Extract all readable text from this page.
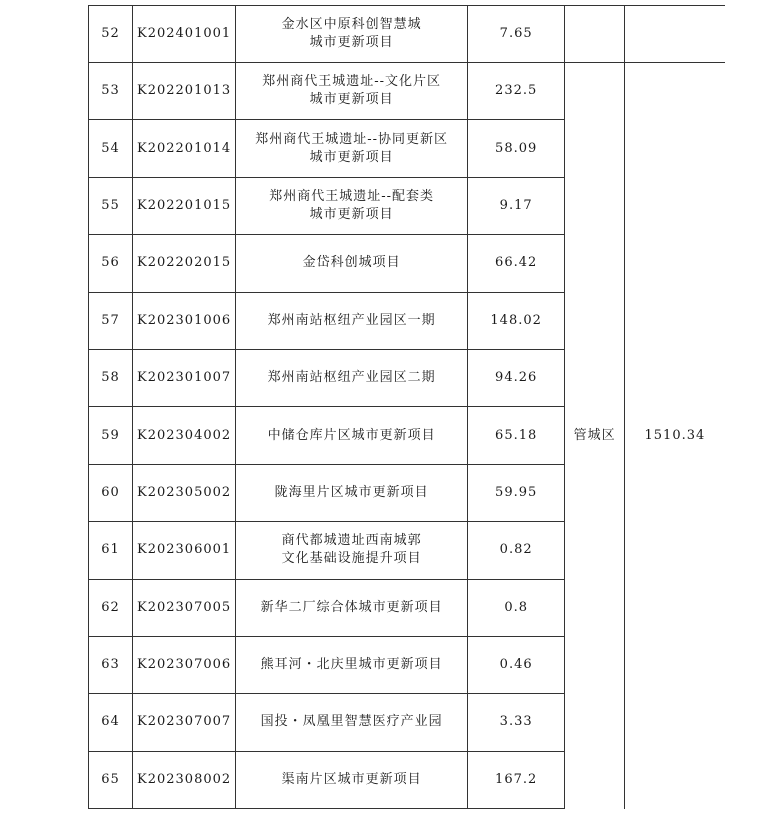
52	K202401001	金水区中原科创智慧城
城市更新项目	7.65		
53	K202201013	郑州商代王城遗址--文化片区
城市更新项目	232.5	管城区	1510.34
54	K202201014	郑州商代王城遗址--协同更新区
城市更新项目	58.09		
55	K202201015	郑州商代王城遗址--配套类
城市更新项目	9.17		
56	K202202015	金岱科创城项目	66.42		
57	K202301006	郑州南站枢纽产业园区一期	148.02		
58	K202301007	郑州南站枢纽产业园区二期	94.26		
59	K202304002	中储仓库片区城市更新项目	65.18		
60	K202305002	陇海里片区城市更新项目	59.95		
61	K202306001	商代都城遗址西南城郭
文化基础设施提升项目	0.82		
62	K202307005	新华二厂综合体城市更新项目	0.8		
63	K202307006	熊耳河・北庆里城市更新项目	0.46		
64	K202307007	国投・凤凰里智慧医疗产业园	3.33		
65	K202308002	渠南片区城市更新项目	167.2		
